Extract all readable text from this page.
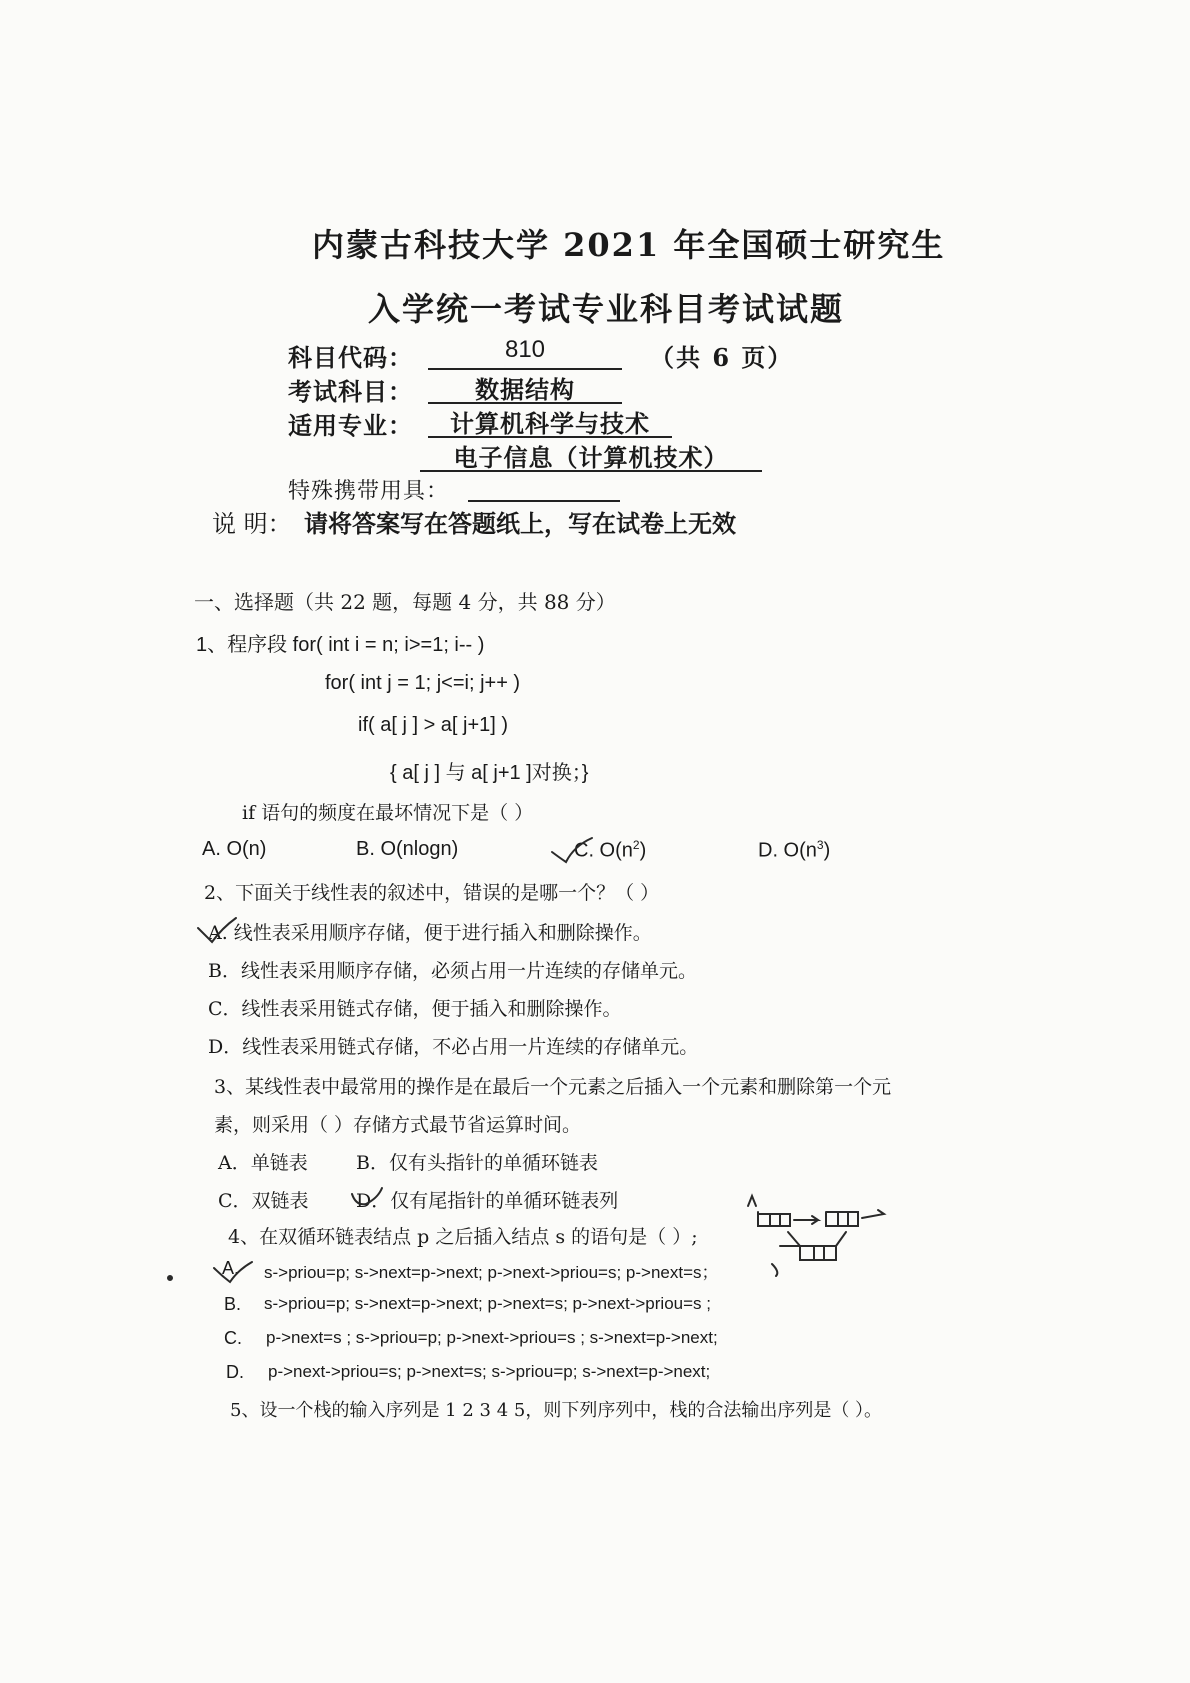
内蒙古科技大学 2021 年全国硕士研究生
入学统一考试专业科目考试试题
科目代码：	810	（共 6 页）
考试科目：	数据结构
适用专业：	计算机科学与技术
电子信息（计算机技术）
特殊携带用具：
说 明： 请将答案写在答题纸上，写在试卷上无效
一、选择题（共 22 题，每题 4 分，共 88 分）
1、程序段 for( int i = n; i>=1; i-- )
for( int j = 1; j<=i; j++ )
if( a[ j ] > a[ j+1] )
{ a[ j ] 与 a[ j+1 ]对换；}
if 语句的频度在最坏情况下是（ ）
A. O(n)	B. O(nlogn)	C. $O(n^2)$	D. $O(n^3)$
2、下面关于线性表的叙述中，错误的是哪一个？（ ）
A. 线性表采用顺序存储，便于进行插入和删除操作。
B．线性表采用顺序存储，必须占用一片连续的存储单元。
C．线性表采用链式存储，便于插入和删除操作。
D．线性表采用链式存储，不必占用一片连续的存储单元。
3、某线性表中最常用的操作是在最后一个元素之后插入一个元素和删除第一个元
素，则采用（ ）存储方式最节省运算时间。
A．单链表	B．仅有头指针的单循环链表
C．双链表 D．仅有尾指针的单循环链表列
4、在双循环链表结点 p 之后插入结点 s 的语句是（ ）;
A. s->priou=p; s->next=p->next; p->next->priou=s; p->next=s；
B. s->priou=p; s->next=p->next; p->next=s; p->next->priou=s ;
C. p->next=s ; s->priou=p; p->next->priou=s ; s->next=p->next;
D. p->next->priou=s; p->next=s; s->priou=p; s->next=p->next;
5、设一个栈的输入序列是 1 2 3 4 5，则下列序列中，栈的合法输出序列是（ ）。
